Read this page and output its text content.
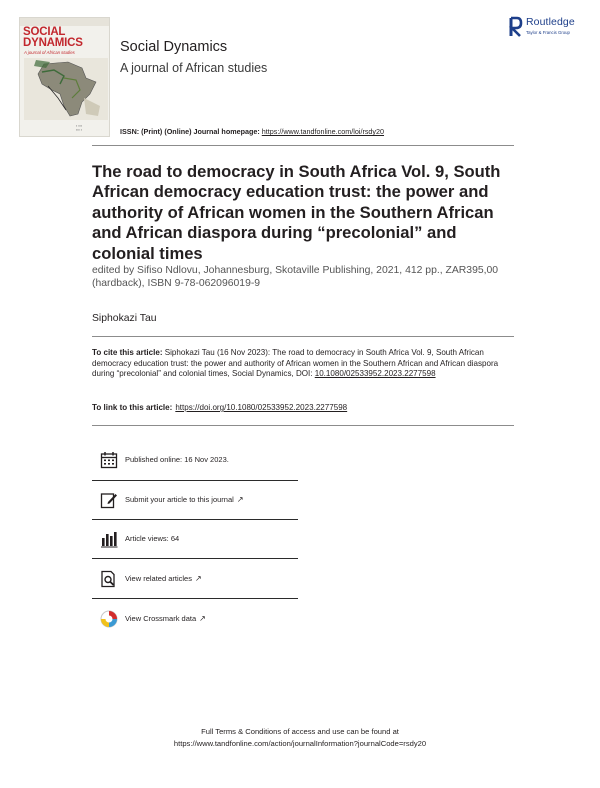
SOCIAL
DYNAMICS
A journal of African studies
▪ ▪▪▪
▪▪▪ ▪
Social Dynamics
A journal of African studies
Routledge
Taylor & Francis Group
ISSN: (Print) (Online) Journal homepage: https://www.tandfonline.com/loi/rsdy20
The road to democracy in South Africa Vol. 9, South African democracy education trust: the power and authority of African women in the Southern African and African diaspora during “precolonial” and colonial times
edited by Sifiso Ndlovu, Johannesburg, Skotaville Publishing, 2021, 412 pp., ZAR395,00 (hardback), ISBN 9-78-062096019-9
Siphokazi Tau
To cite this article: Siphokazi Tau (16 Nov 2023): The road to democracy in South Africa Vol. 9, South African democracy education trust: the power and authority of African women in the Southern African and African diaspora during “precolonial” and colonial times, Social Dynamics, DOI: 10.1080/02533952.2023.2277598
To link to this article: https://doi.org/10.1080/02533952.2023.2277598
Published online: 16 Nov 2023.
Submit your article to this journal ↗
Article views: 64
View related articles ↗
View Crossmark data ↗
Full Terms & Conditions of access and use can be found at
https://www.tandfonline.com/action/journalInformation?journalCode=rsdy20
